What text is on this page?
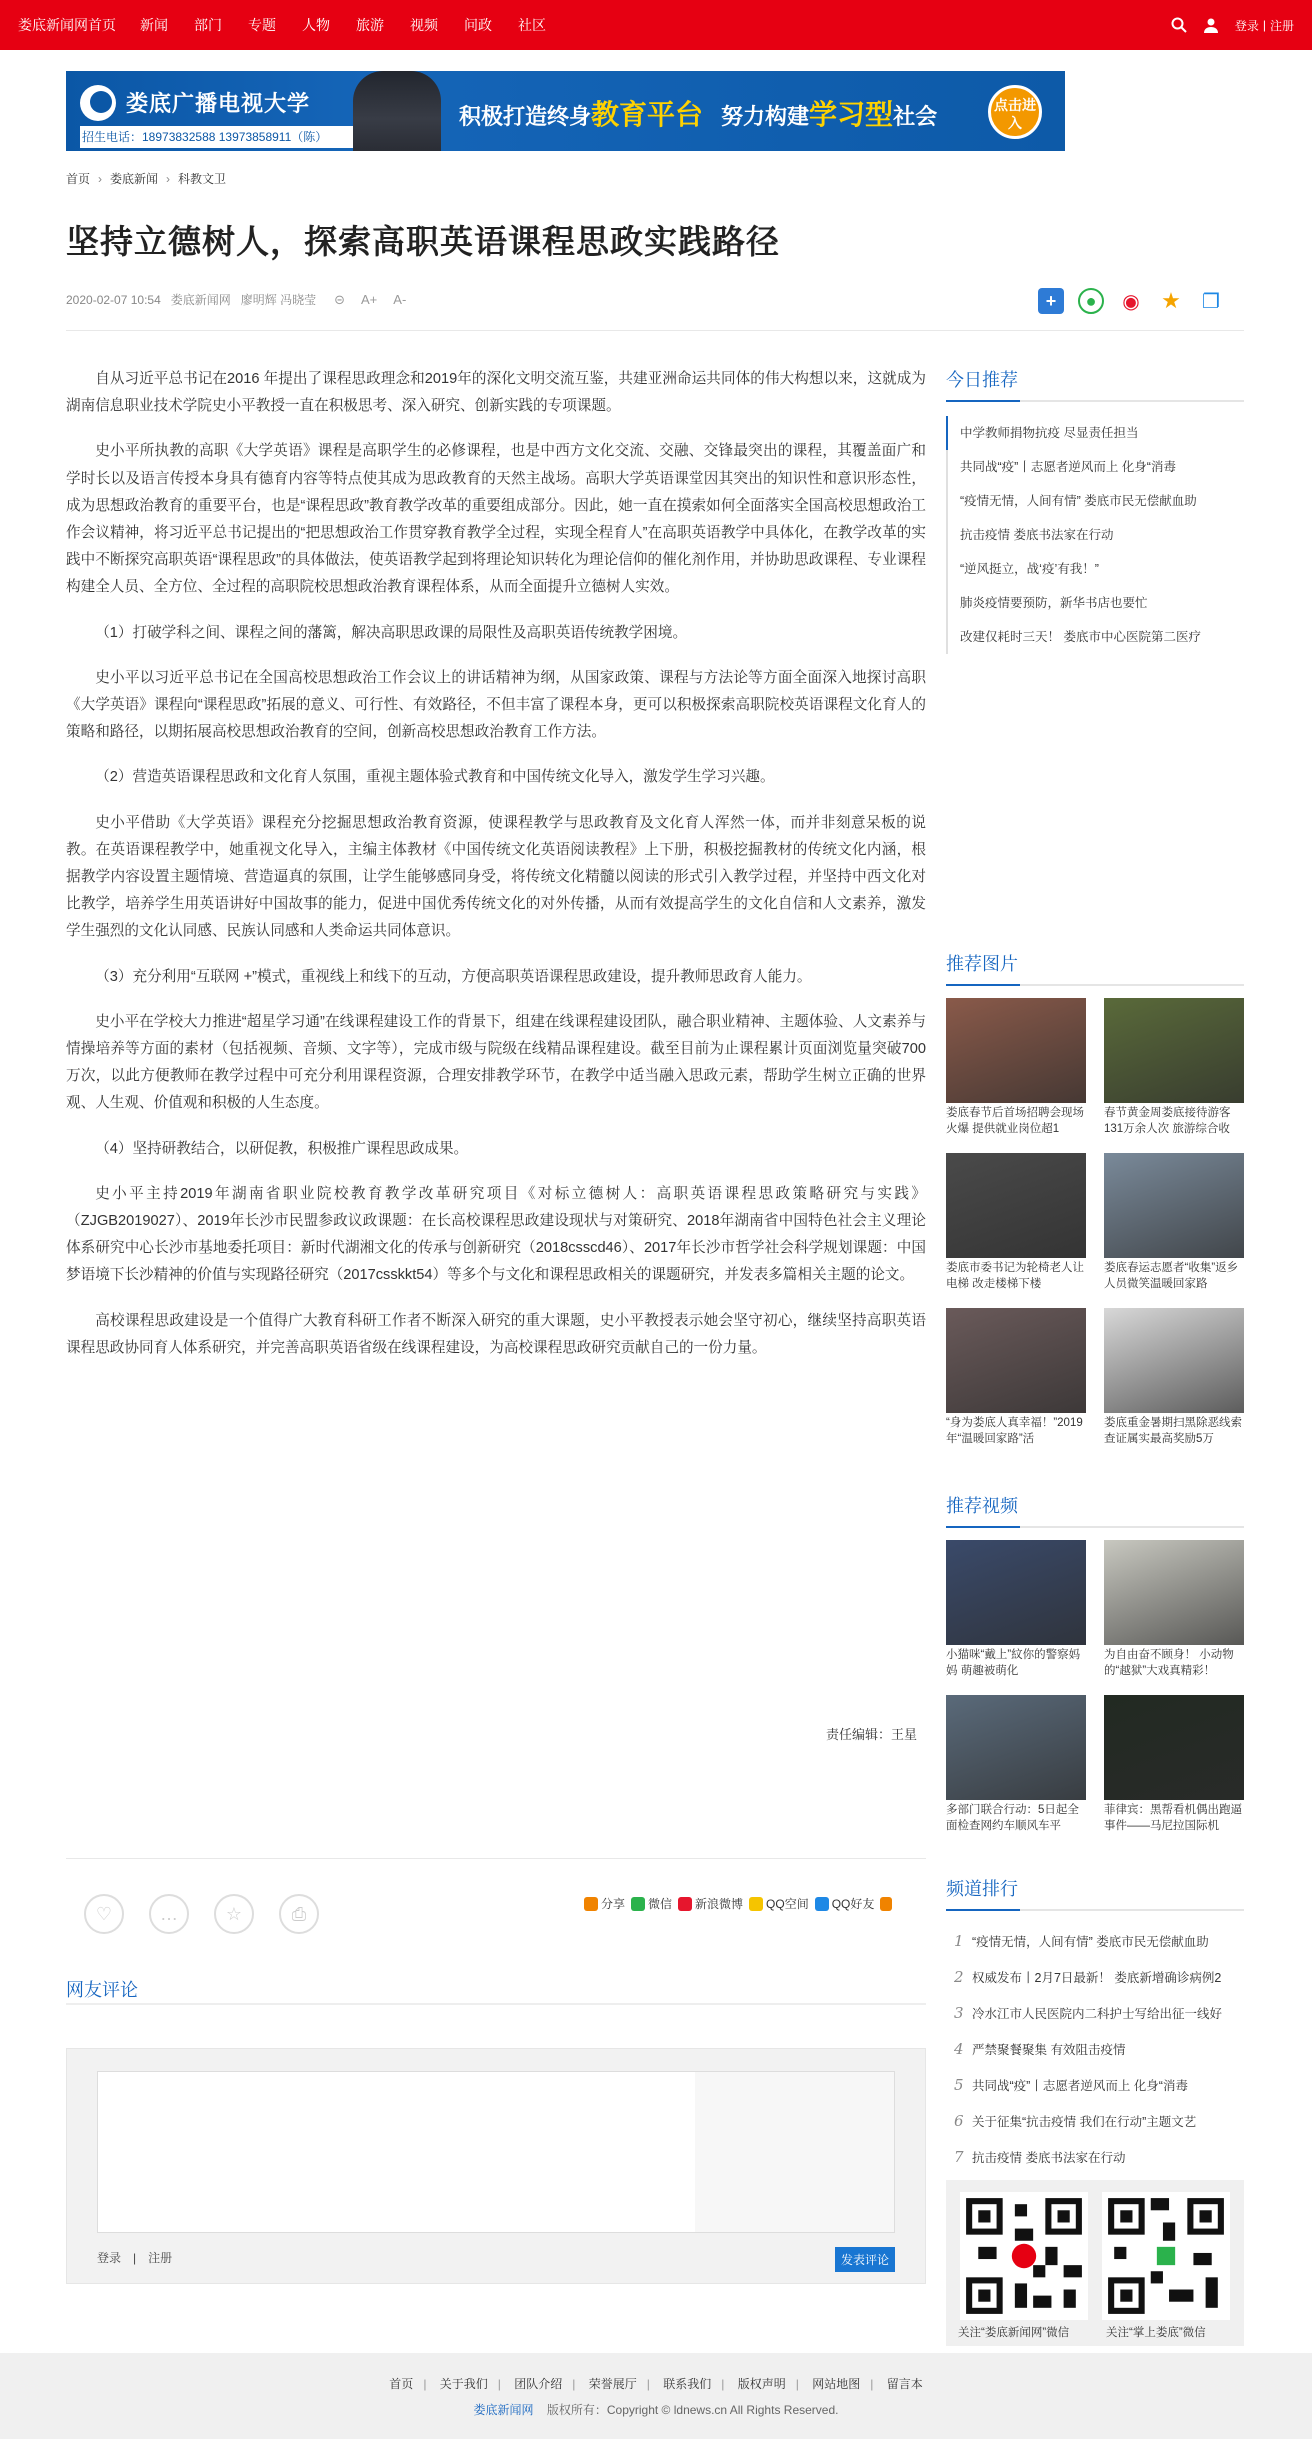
娄底新闻网首页 新闻 部门 专题 人物 旅游 视频 问政 社区	登录 | 注册
娄底广播电视大学
招生电话：18973832588 13973858911（陈）
积极打造终身教育平台 努力构建学习型社会	点击进入
首页 › 娄底新闻 › 科教文卫
坚持立德树人，探索高职英语课程思政实践路径
2020-02-07 10:54 娄底新闻网 廖明辉 冯晓莹 ⊝ A+ A-	+	●	◉ ★ ❐

自从习近平总书记在2016 年提出了课程思政理念和2019年的深化文明交流互鉴，共建亚洲命运共同体的伟大构想以来，这就成为湖南信息职业技术学院史小平教授一直在积极思考、深入研究、创新实践的专项课题。

史小平所执教的高职《大学英语》课程是高职学生的必修课程，也是中西方文化交流、交融、交锋最突出的课程，其覆盖面广和学时长以及语言传授本身具有德育内容等特点使其成为思政教育的天然主战场。高职大学英语课堂因其突出的知识性和意识形态性，成为思想政治教育的重要平台，也是“课程思政”教育教学改革的重要组成部分。因此，她一直在摸索如何全面落实全国高校思想政治工作会议精神，将习近平总书记提出的“把思想政治工作贯穿教育教学全过程，实现全程育人”在高职英语教学中具体化，在教学改革的实践中不断探究高职英语“课程思政”的具体做法，使英语教学起到将理论知识转化为理论信仰的催化剂作用，并协助思政课程、专业课程构建全人员、全方位、全过程的高职院校思想政治教育课程体系，从而全面提升立德树人实效。

（1）打破学科之间、课程之间的藩篱，解决高职思政课的局限性及高职英语传统教学困境。

史小平以习近平总书记在全国高校思想政治工作会议上的讲话精神为纲，从国家政策、课程与方法论等方面全面深入地探讨高职《大学英语》课程向“课程思政”拓展的意义、可行性、有效路径，不但丰富了课程本身，更可以积极探索高职院校英语课程文化育人的策略和路径，以期拓展高校思想政治教育的空间，创新高校思想政治教育工作方法。

（2）营造英语课程思政和文化育人氛围，重视主题体验式教育和中国传统文化导入，激发学生学习兴趣。

史小平借助《大学英语》课程充分挖掘思想政治教育资源，使课程教学与思政教育及文化育人浑然一体，而并非刻意呆板的说教。在英语课程教学中，她重视文化导入，主编主体教材《中国传统文化英语阅读教程》上下册，积极挖掘教材的传统文化内涵，根据教学内容设置主题情境、营造逼真的氛围，让学生能够感同身受，将传统文化精髓以阅读的形式引入教学过程，并坚持中西文化对比教学，培养学生用英语讲好中国故事的能力，促进中国优秀传统文化的对外传播，从而有效提高学生的文化自信和人文素养，激发学生强烈的文化认同感、民族认同感和人类命运共同体意识。

（3）充分利用“互联网 +”模式，重视线上和线下的互动，方便高职英语课程思政建设，提升教师思政育人能力。

史小平在学校大力推进“超星学习通”在线课程建设工作的背景下，组建在线课程建设团队，融合职业精神、主题体验、人文素养与情操培养等方面的素材（包括视频、音频、文字等），完成市级与院级在线精品课程建设。截至目前为止课程累计页面浏览量突破700万次，以此方便教师在教学过程中可充分利用课程资源，合理安排教学环节，在教学中适当融入思政元素，帮助学生树立正确的世界观、人生观、价值观和积极的人生态度。

（4）坚持研教结合，以研促教，积极推广课程思政成果。

史小平主持2019年湖南省职业院校教育教学改革研究项目《对标立德树人：高职英语课程思政策略研究与实践》（ZJGB2019027）、2019年长沙市民盟参政议政课题：在长高校课程思政建设现状与对策研究、2018年湖南省中国特色社会主义理论体系研究中心长沙市基地委托项目：新时代湖湘文化的传承与创新研究（2018csscd46）、2017年长沙市哲学社会科学规划课题：中国梦语境下长沙精神的价值与实现路径研究（2017csskkt54）等多个与文化和课程思政相关的课题研究，并发表多篇相关主题的论文。

高校课程思政建设是一个值得广大教育科研工作者不断深入研究的重大课题，史小平教授表示她会坚守初心，继续坚持高职英语课程思政协同育人体系研究，并完善高职英语省级在线课程建设，为高校课程思政研究贡献自己的一份力量。

责任编辑：王星
♡	…	☆	⎙	分享 微信 新浪微博 QQ空间 QQ好友
网友评论
登录 | 注册	发表评论
今日推荐
中学教师捐物抗疫 尽显责任担当
共同战“疫”丨志愿者逆风而上 化身“消毒
“疫情无情，人间有情” 娄底市民无偿献血助
抗击疫情 娄底书法家在行动
“逆风挺立，战‘疫’有我！”
肺炎疫情要预防，新华书店也要忙
改建仅耗时三天！ 娄底市中心医院第二医疗
推荐图片
娄底春节后首场招聘会现场火爆 提供就业岗位超1
春节黄金周娄底接待游客131万余人次 旅游综合收
娄底市委书记为轮椅老人让电梯 改走楼梯下楼
娄底春运志愿者“收集”返乡人员微笑温暖回家路
“身为娄底人真幸福！”2019年“温暖回家路”活
娄底重金暑期扫黑除恶线索 查证属实最高奖励5万
推荐视频
小猫咪“戴上”紋你的警察妈妈 萌趣被萌化
为自由奋不顾身！ 小动物的“越狱”大戏真精彩！
多部门联合行动：5日起全面检查网约车顺风车平
菲律宾：黑帮看机偶出跑逼事件——马尼拉国际机
频道排行
1 “疫情无情，人间有情” 娄底市民无偿献血助
2 权威发布丨2月7日最新！ 娄底新增确诊病例2
3 冷水江市人民医院内二科护士写给出征一线好
4 严禁聚餐聚集 有效阻击疫情
5 共同战“疫”丨志愿者逆风而上 化身“消毒
6 关于征集“抗击疫情 我们在行动”主题文艺
7 抗击疫情 娄底书法家在行动
关注“娄底新闻网”微信	关注“掌上娄底”微信
首页 | 关于我们 | 团队介绍 | 荣誉展厅 | 联系我们 | 版权声明 | 网站地图 | 留言本
娄底新闻网 版权所有：Copyright © ldnews.cn All Rights Reserved.
